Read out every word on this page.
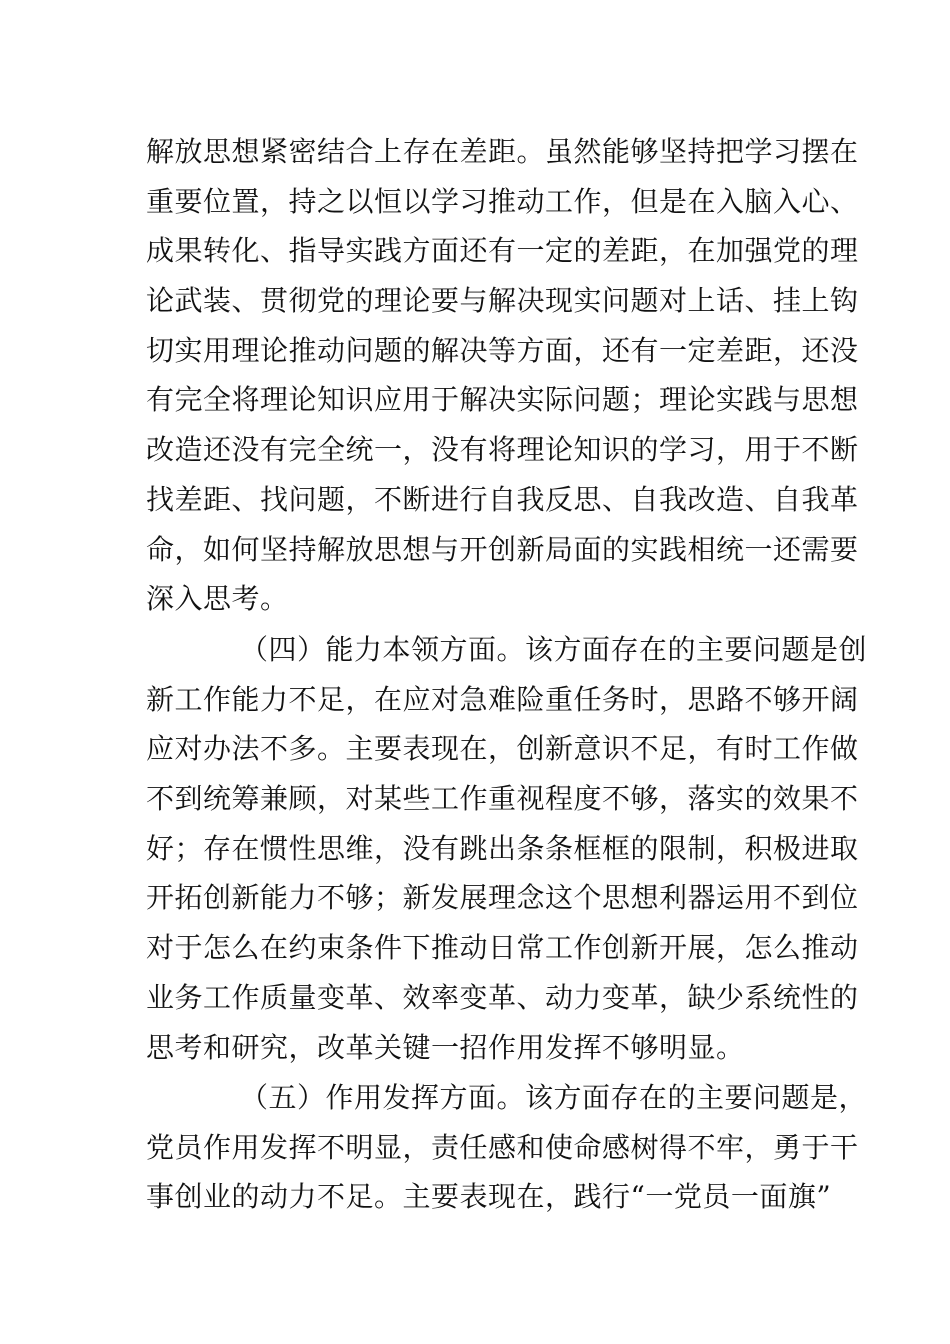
解放思想紧密结合上存在差距。虽然能够坚持把学习摆在
重要位置，持之以恒以学习推动工作，但是在入脑入心、
成果转化、指导实践方面还有一定的差距，在加强党的理
论武装、贯彻党的理论要与解决现实问题对上话、挂上钩
切实用理论推动问题的解决等方面，还有一定差距，还没
有完全将理论知识应用于解决实际问题；理论实践与思想
改造还没有完全统一，没有将理论知识的学习，用于不断
找差距、找问题，不断进行自我反思、自我改造、自我革
命，如何坚持解放思想与开创新局面的实践相统一还需要
深入思考。
（四）能力本领方面。该方面存在的主要问题是创
新工作能力不足，在应对急难险重任务时，思路不够开阔
应对办法不多。主要表现在，创新意识不足，有时工作做
不到统筹兼顾，对某些工作重视程度不够，落实的效果不
好；存在惯性思维，没有跳出条条框框的限制，积极进取
开拓创新能力不够；新发展理念这个思想利器运用不到位
对于怎么在约束条件下推动日常工作创新开展，怎么推动
业务工作质量变革、效率变革、动力变革，缺少系统性的
思考和研究，改革关键一招作用发挥不够明显。
（五）作用发挥方面。该方面存在的主要问题是，
党员作用发挥不明显，责任感和使命感树得不牢，勇于干
事创业的动力不足。主要表现在，践行“一党员一面旗”
